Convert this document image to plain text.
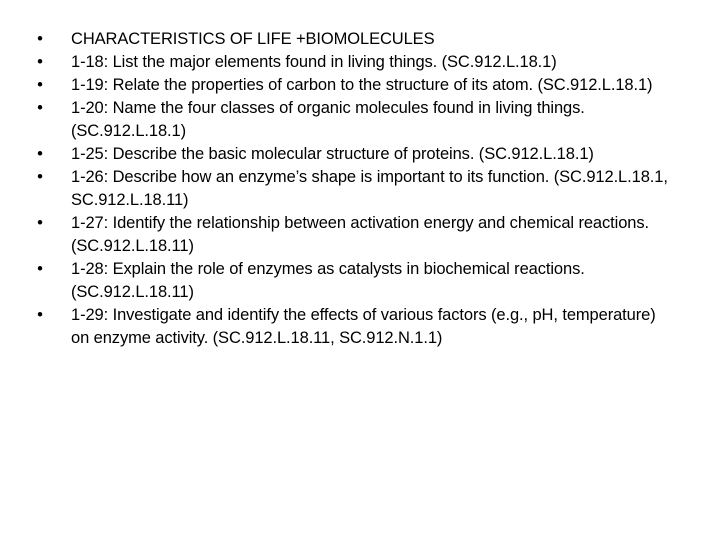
• CHARACTERISTICS OF LIFE +BIOMOLECULES
• 1-18: List the major elements found in living things. (SC.912.L.18.1)
• 1-19: Relate the properties of carbon to the structure of its atom. (SC.912.L.18.1)
• 1-20: Name the four classes of organic molecules found in living things. (SC.912.L.18.1)
• 1-25: Describe the basic molecular structure of proteins. (SC.912.L.18.1)
• 1-26: Describe how an enzyme’s shape is important to its function. (SC.912.L.18.1, SC.912.L.18.11)
• 1-27: Identify the relationship between activation energy and chemical reactions. (SC.912.L.18.11)
• 1-28: Explain the role of enzymes as catalysts in biochemical reactions. (SC.912.L.18.11)
• 1-29: Investigate and identify the effects of various factors (e.g., pH, temperature) on enzyme activity. (SC.912.L.18.11, SC.912.N.1.1)
